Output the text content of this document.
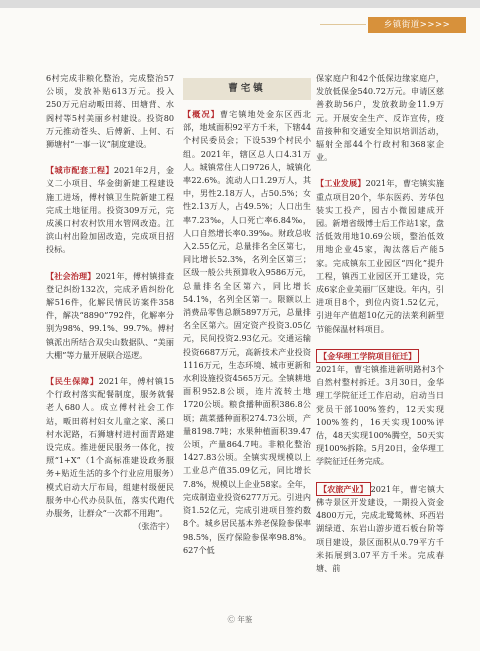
乡镇街道>>>>

6村完成非粮化整治，完成整治57公顷，发放补贴613万元。投入250万元启动畈田蒋、田塘背、水阁村等5村美丽乡村建设。投资80万元推动苍头、后傅新、上何、石狮塘村“一事一议”制度建设。

【城市配套工程】2021年2月，金义二小项目、华金街新建工程建设施工进场，傅村镇卫生院新建工程完成土地征用。投资309万元，完成溪口村农村饮用水管网改造。江滨山村出险加固改造，完成项目招投标。

【社会治理】2021年，傅村镇排查登记纠纷132次，完成矛盾纠纷化解516件，化解民情民访案件358件，解决“8890”792件，化解率分别为98%、99.1%、99.7%。傅村镇派出所结合双尖山数据队、“美丽大棚”等力量开展联合巡逻。

【民生保障】2021年，傅村镇15个行政村落实配餐制度，服务就餐老人680人。成立傅村社会工作站，畈田蒋村妇女儿童之家、溪口村水泥路，石狮塘村进村面青路建设完成。推进便民服务一体化，按照“1+X”（1个高标准建设政务服务+贴近生活的多个行业应用服务）模式启动大厅布局，组建村级便民服务中心代办员队伍，落实代跑代办服务，让群众“一次都不用跑”。

（张浩宇）

曹宅镇

【概况】曹宅镇地处金东区西北部，地域面积92平方千米，下辖44个村民委员会；下设539个村民小组。2021年，辖区总人口4.31万人。城镇常住人口9726人，城镇化率22.6%。流动人口1.29万人，其中，男性2.18万人，占50.5%；女性2.13万人，占49.5%；人口出生率7.23‰，人口死亡率6.84‰，人口自然增长率0.39‰。财政总收入2.55亿元，总量排名全区第七，同比增长52.3%，名列全区第三；区级一般公共预算收入9586万元，总量排名全区第六，同比增长54.1%，名列全区第一。限额以上消费品零售总额5897万元，总量排名全区第六。固定资产投资3.05亿元，民间投资2.93亿元。交通运输投资6687万元，高新技术产业投资1116万元，生态环境、城市更新和水利设施投资4565万元。全镇耕地面积952.8公顷，连片流转土地1720公顷。粮食播种面积386.8公顷；蔬菜播种面积274.73公顷，产量8198.7吨；水果种植面积39.47公顷，产量864.7吨。非粮化整治1427.83公顷。全镇实现规模以上工业总产值35.09亿元，同比增长7.8%，规模以上企业58家。全年，完成制造业投资6277万元。引进内资1.52亿元，完成引进项目签约数8个。城乡居民基本养老保险参保率98.5%，医疗保险参保率98.8%。627个低

保家庭户和42个低保边缘家庭户，发放低保金540.72万元。申请区慈善救助56户，发放救助金11.9万元。开展安全生产、反诈宣传，疫苗接种和交通安全知识培训活动，辐射全部44个行政村和368家企业。

【工业发展】2021年，曹宅镇实施重点项目20个，华东医药、芳华包装实工投产，园古小微园建成开园。新增省级博士后工作站1家，盘活低效用地10.69公顷，整治低效用地企业45家，淘汰落后产能5家。完成镇东工业园区“四化”提升工程，镇西工业园区开工建设，完成6家企业美丽厂区建设。年内，引进项目8个，到位内资1.52亿元，引进年产值超10亿元的法莱利新型节能保温材料项目。

【金华理工学院项目征迁】
2021年，曹宅镇推进新明路村3个自然村整村拆迁。3月30日，金华理工学院征迁工作启动，启动当日党员干部100%签约，12天实现100%签约，16天实现100%评估，48天实现100%腾空，50天实现100%拆除。5月20日，金华理工学院征迁任务完成。

【农旅产业】 2021年，曹宅镇大佛寺景区开发建设，一期投入资金4800万元，完成北鹭鸶林、环西岩湖绿道、东岩山游步道石板台阶等项目建设，景区面积从0.79平方千米拓展到3.07平方千米。完成春塘、前

Ⓒ 年鉴
